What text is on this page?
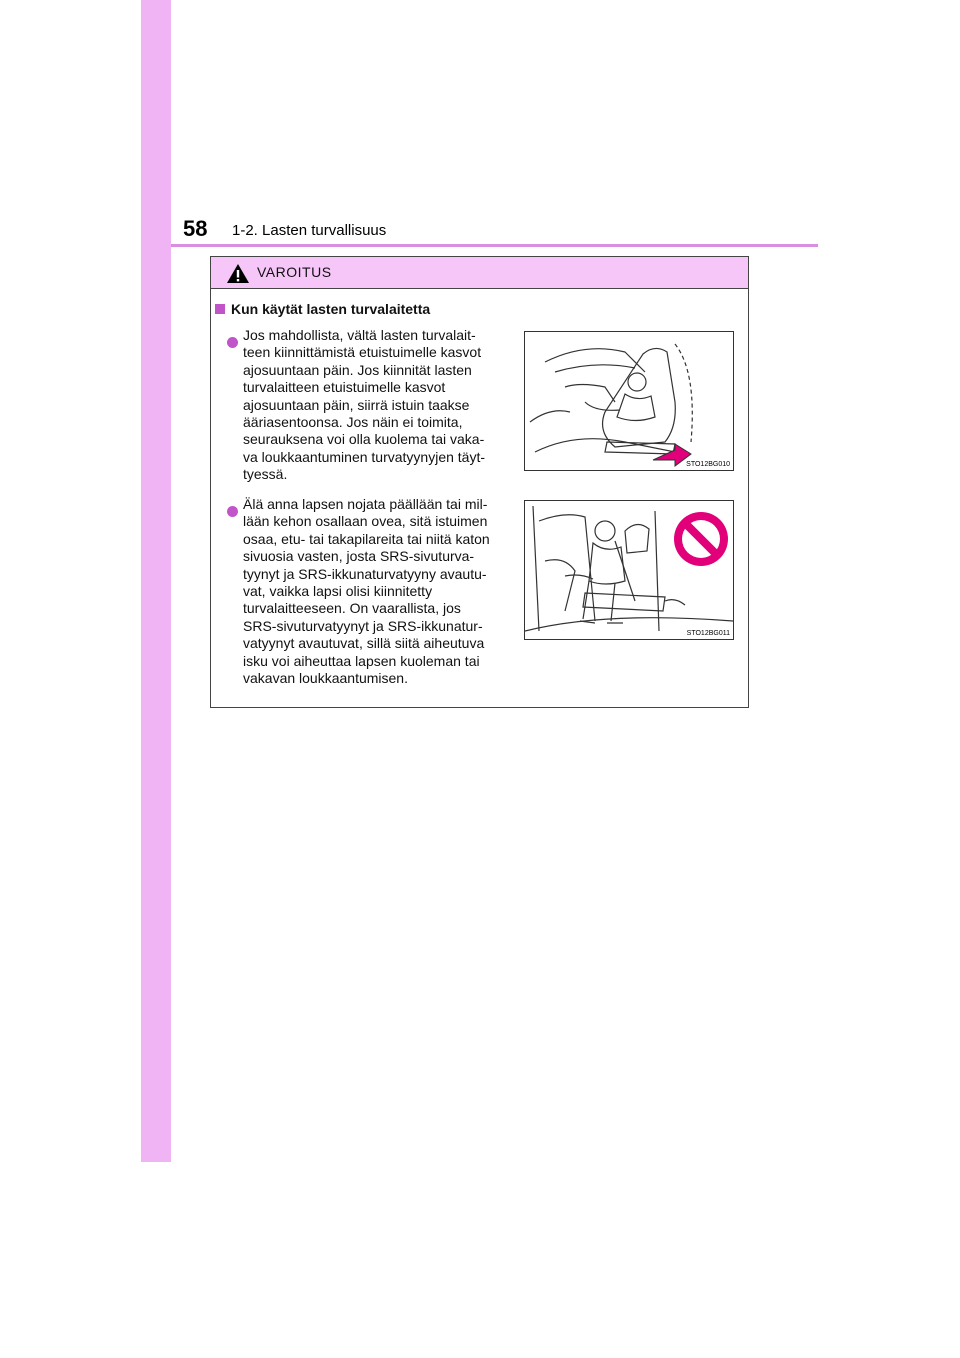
58 1-2. Lasten turvallisuus
VAROITUS
Kun käytät lasten turvalaitetta
Jos mahdollista, vältä lasten turvalait-
teen kiinnittämistä etuistuimelle kasvot
ajosuuntaan päin. Jos kiinnität lasten
turvalaitteen etuistuimelle kasvot
ajosuuntaan päin, siirrä istuin taakse
ääriasentoonsa. Jos näin ei toimita,
seurauksena voi olla kuolema tai vaka-
va loukkaantuminen turvatyynyjen täyt-
tyessä.
STO12BG010
Älä anna lapsen nojata päällään tai mil-
lään kehon osallaan ovea, sitä istuimen
osaa, etu- tai takapilareita tai niitä katon
sivuosia vasten, josta SRS-sivuturva-
tyynyt ja SRS-ikkunaturvatyyny avautu-
vat, vaikka lapsi olisi kiinnitetty
turvalaitteeseen. On vaarallista, jos
SRS-sivuturvatyynyt ja SRS-ikkunatur-
vatyynyt avautuvat, sillä siitä aiheutuva
isku voi aiheuttaa lapsen kuoleman tai
vakavan loukkaantumisen.
STO12BG011
